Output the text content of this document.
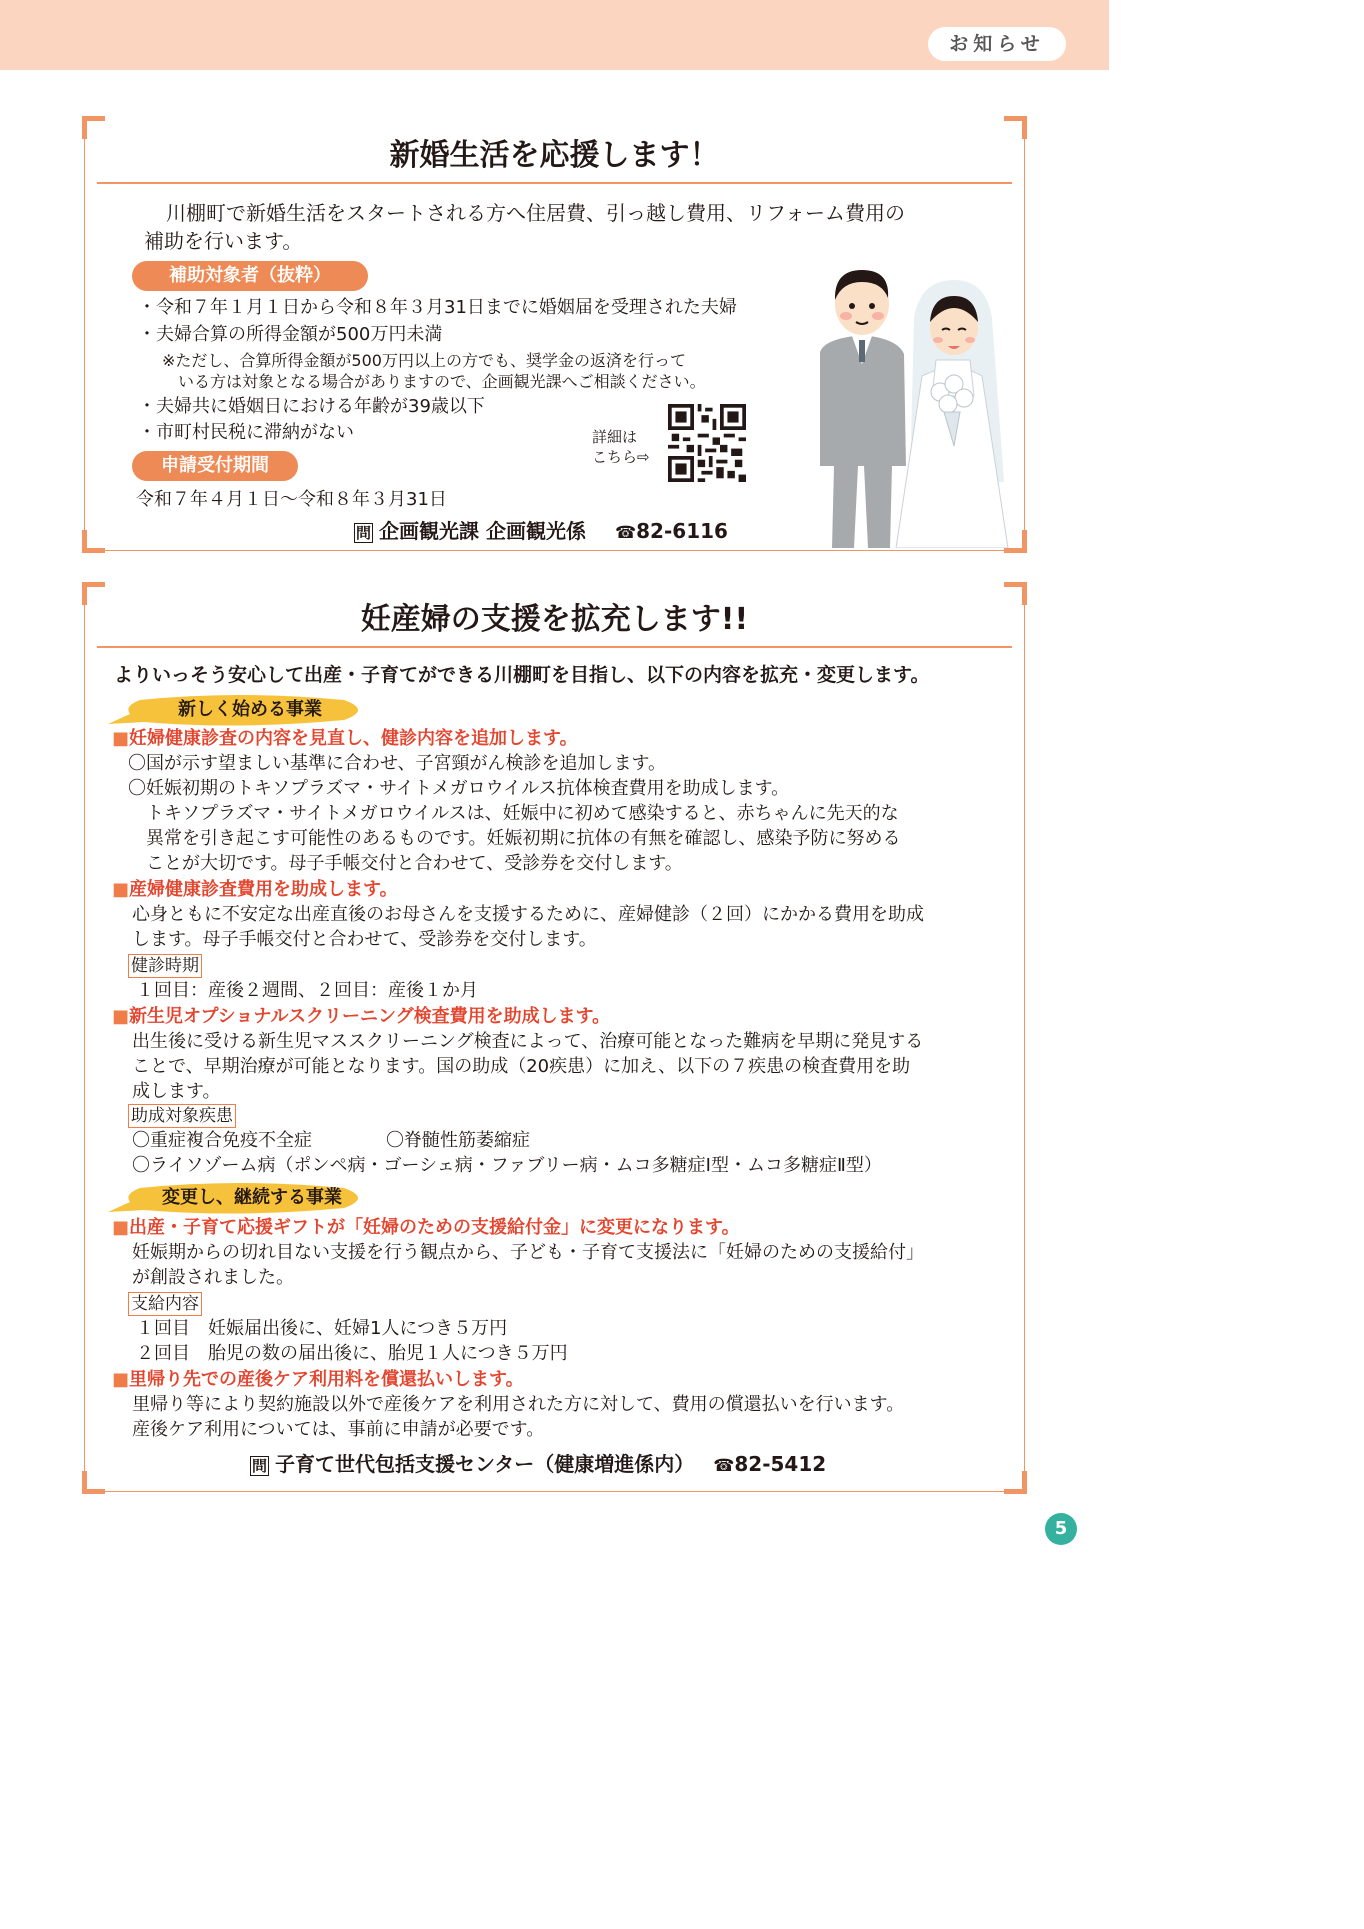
お知らせ
新婚生活を応援します！
川棚町で新婚生活をスタートされる方へ住居費、引っ越し費用、リフォーム費用の
補助を行います。
補助対象者（抜粋）
・令和７年１月１日から令和８年３月31日までに婚姻届を受理された夫婦
・夫婦合算の所得金額が500万円未満
※ただし、合算所得金額が500万円以上の方でも、奨学金の返済を行って
いる方は対象となる場合がありますので、企画観光課へご相談ください。
・夫婦共に婚姻日における年齢が39歳以下
・市町村民税に滞納がない	詳細は
こちら⇨
申請受付期間
令和７年４月１日〜令和８年３月31日
問 企画観光課 企画観光係 ☎82-6116
妊産婦の支援を拡充します!!
よりいっそう安心して出産・子育てができる川棚町を目指し、以下の内容を拡充・変更します。
新しく始める事業
■妊婦健康診査の内容を見直し、健診内容を追加します。
〇国が示す望ましい基準に合わせ、子宮頸がん検診を追加します。
〇妊娠初期のトキソプラズマ・サイトメガロウイルス抗体検査費用を助成します。
　トキソプラズマ・サイトメガロウイルスは、妊娠中に初めて感染すると、赤ちゃんに先天的な
　異常を引き起こす可能性のあるものです。妊娠初期に抗体の有無を確認し、感染予防に努める
　ことが大切です。母子手帳交付と合わせて、受診券を交付します。
■産婦健康診査費用を助成します。
心身ともに不安定な出産直後のお母さんを支援するために、産婦健診（２回）にかかる費用を助成
します。母子手帳交付と合わせて、受診券を交付します。
健診時期
１回目：産後２週間、２回目：産後１か月
■新生児オプショナルスクリーニング検査費用を助成します。
出生後に受ける新生児マススクリーニング検査によって、治療可能となった難病を早期に発見する
ことで、早期治療が可能となります。国の助成（20疾患）に加え、以下の７疾患の検査費用を助
成します。
助成対象疾患
〇重症複合免疫不全症	〇脊髄性筋萎縮症
〇ライソゾーム病（ポンペ病・ゴーシェ病・ファブリー病・ムコ多糖症Ⅰ型・ムコ多糖症Ⅱ型）
変更し、継続する事業
■出産・子育て応援ギフトが「妊婦のための支援給付金」に変更になります。
妊娠期からの切れ目ない支援を行う観点から、子ども・子育て支援法に「妊婦のための支援給付」
が創設されました。
支給内容
１回目　妊娠届出後に、妊婦1人につき５万円
２回目　胎児の数の届出後に、胎児１人につき５万円
■里帰り先での産後ケア利用料を償還払いします。
里帰り等により契約施設以外で産後ケアを利用された方に対して、費用の償還払いを行います。
産後ケア利用については、事前に申請が必要です。
問 子育て世代包括支援センター（健康増進係内） ☎82-5412
5
